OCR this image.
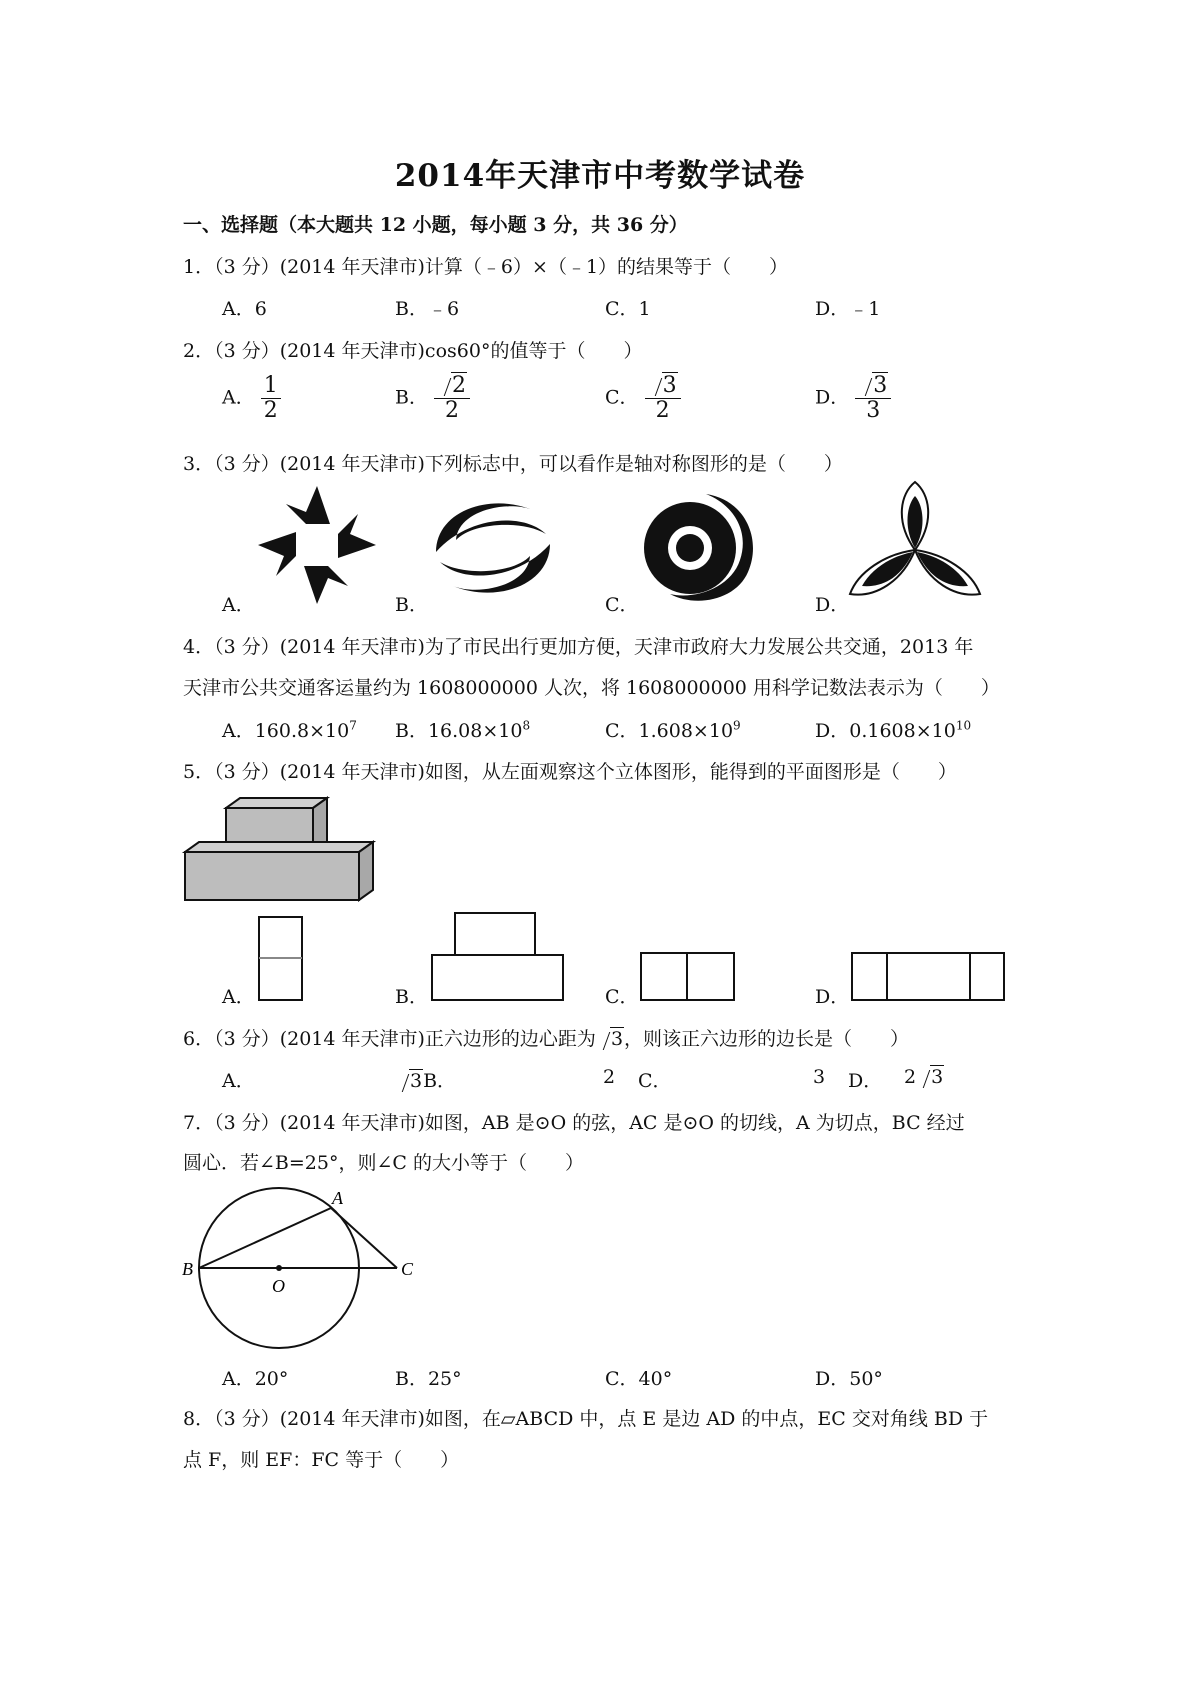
2014年天津市中考数学试卷
一、选择题（本大题共 12 小题，每小题 3 分，共 36 分）
1．（3 分）(2014 年天津市)计算（﹣6）×（﹣1）的结果等于（　　）
A．6	B．﹣6	C．1	D．﹣1
2．（3 分）(2014 年天津市)cos60°的值等于（　　）
A． $\frac{1}{2}$	B． $\frac{2}{2}$	C． $\frac{3}{2}$	D． $\frac{3}{3}$
3．（3 分）(2014 年天津市)下列标志中，可以看作是轴对称图形的是（　　）
A．	B．	C．	D．
4．（3 分）(2014 年天津市)为了市民出行更加方便，天津市政府大力发展公共交通，2013 年
天津市公共交通客运量约为 1608000000 人次，将 1608000000 用科学记数法表示为（　　）
A．$160.8\times 10^7$ B．$16.08\times 10^8$	C．$1.608\times 10^9$	D．$0.1608\times 10^{10}$
5．（3 分）(2014 年天津市)如图，从左面观察这个立体图形，能得到的平面图形是（　　）
A．	B．	C．	D．
6．（3 分）(2014 年天津市)正六边形的边心距为 3，则该正六边形的边长是（　　）
A．	3B．	2 C．	3 D． 2 3
7．（3 分）(2014 年天津市)如图，AB 是⊙O 的弦，AC 是⊙O 的切线，A 为切点，BC 经过
圆心．若∠B=25°，则∠C 的大小等于（　　）
A
B
O
C
A．20°	B．25°	C．40°	D．50°
8．（3 分）(2014 年天津市)如图，在▱ABCD 中，点 E 是边 AD 的中点，EC 交对角线 BD 于
点 F，则 EF：FC 等于（　　）
